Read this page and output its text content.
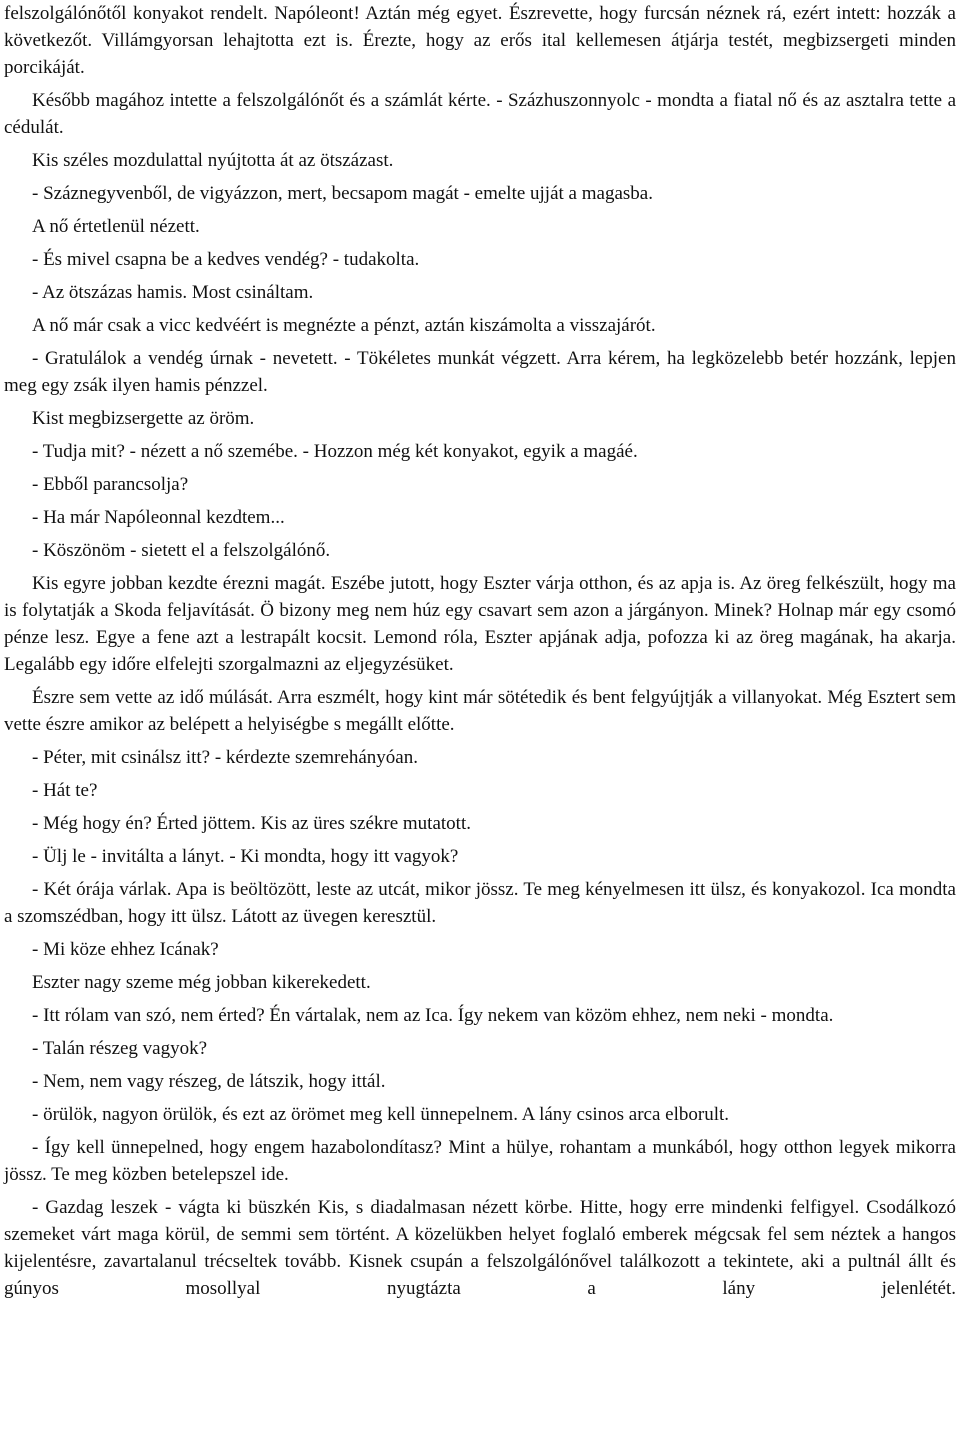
felszolgálónőtől konyakot rendelt. Napóleont! Aztán még egyet. Észrevette, hogy furcsán néznek rá, ezért intett: hozzák a következőt. Villámgyorsan lehajtotta ezt is. Érezte, hogy az erős ital kellemesen átjárja testét, megbizsergeti minden porcikáját.

Később magához intette a felszolgálónőt és a számlát kérte. - Százhuszonnyolc - mondta a fiatal nő és az asztalra tette a cédulát.

Kis széles mozdulattal nyújtotta át az ötszázast.

- Száznegyvenből, de vigyázzon, mert, becsapom magát - emelte ujját a magasba.

A nő értetlenül nézett.

- És mivel csapna be a kedves vendég? - tudakolta.

- Az ötszázas hamis. Most csináltam.

A nő már csak a vicc kedvéért is megnézte a pénzt, aztán kiszámolta a visszajárót.

- Gratulálok a vendég úrnak - nevetett. - Tökéletes munkát végzett. Arra kérem, ha legközelebb betér hozzánk, lepjen meg egy zsák ilyen hamis pénzzel.

Kist megbizsergette az öröm.

- Tudja mit? - nézett a nő szemébe. - Hozzon még két konyakot, egyik a magáé.

- Ebből parancsolja?

- Ha már Napóleonnal kezdtem...

- Köszönöm - sietett el a felszolgálónő.

Kis egyre jobban kezdte érezni magát. Eszébe jutott, hogy Eszter várja otthon, és az apja is. Az öreg felkészült, hogy ma is folytatják a Skoda feljavítását. Ö bizony meg nem húz egy csavart sem azon a járgányon. Minek? Holnap már egy csomó pénze lesz. Egye a fene azt a lestrapált kocsit. Lemond róla, Eszter apjának adja, pofozza ki az öreg magának, ha akarja. Legalább egy időre elfelejti szorgalmazni az eljegyzésüket.

Észre sem vette az idő múlását. Arra eszmélt, hogy kint már sötétedik és bent felgyújtják a villanyokat. Még Esztert sem vette észre amikor az belépett a helyiségbe s megállt előtte.

- Péter, mit csinálsz itt? - kérdezte szemrehányóan.

- Hát te?

- Még hogy én? Érted jöttem. Kis az üres székre mutatott.

- Ülj le - invitálta a lányt. - Ki mondta, hogy itt vagyok?

- Két órája várlak. Apa is beöltözött, leste az utcát, mikor jössz. Te meg kényelmesen itt ülsz, és konyakozol. Ica mondta a szomszédban, hogy itt ülsz. Látott az üvegen keresztül.

- Mi köze ehhez Icának?

Eszter nagy szeme még jobban kikerekedett.

- Itt rólam van szó, nem érted? Én vártalak, nem az Ica. Így nekem van közöm ehhez, nem neki - mondta.

- Talán részeg vagyok?

- Nem, nem vagy részeg, de látszik, hogy ittál.

- örülök, nagyon örülök, és ezt az örömet meg kell ünnepelnem. A lány csinos arca elborult.

- Így kell ünnepelned, hogy engem hazabolondítasz? Mint a hülye, rohantam a munkából, hogy otthon legyek mikorra jössz. Te meg közben betelepszel ide.

- Gazdag leszek - vágta ki büszkén Kis, s diadalmasan nézett körbe. Hitte, hogy erre mindenki felfigyel. Csodálkozó szemeket várt maga körül, de semmi sem történt. A közelükben helyet foglaló emberek mégcsak fel sem néztek a hangos kijelentésre, zavartalanul trécseltek tovább. Kisnek csupán a felszolgálónővel találkozott a tekintete, aki a pultnál állt és gúnyos mosollyal nyugtázta a lány jelenlétét.
